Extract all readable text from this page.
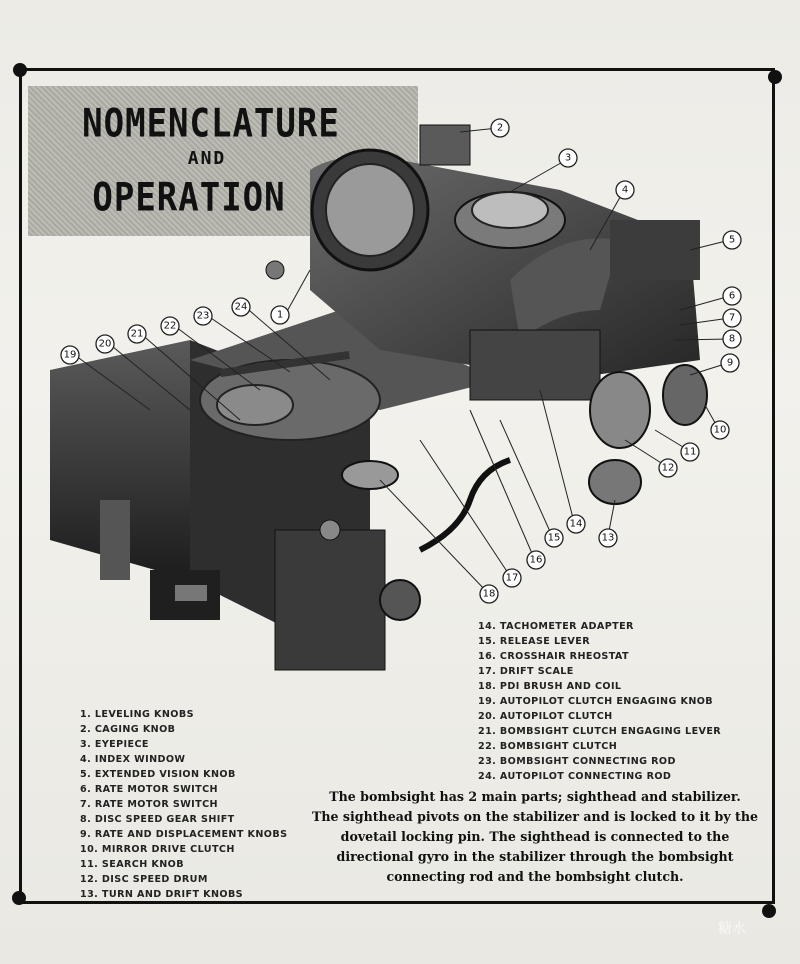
NOMENCLATURE
AND
OPERATION
1
2
3
4
5
6
7
8
9
10
11
12
13
14
15
16
17
18
19
20
21
22
23
24
1. LEVELING KNOBS
2. CAGING KNOB
3. EYEPIECE
4. INDEX WINDOW
5. EXTENDED VISION KNOB
6. RATE MOTOR SWITCH
7. RATE MOTOR SWITCH
8. DISC SPEED GEAR SHIFT
9. RATE AND DISPLACEMENT KNOBS
10. MIRROR DRIVE CLUTCH
11. SEARCH KNOB
12. DISC SPEED DRUM
13. TURN AND DRIFT KNOBS
14. TACHOMETER ADAPTER
15. RELEASE LEVER
16. CROSSHAIR RHEOSTAT
17. DRIFT SCALE
18. PDI BRUSH AND COIL
19. AUTOPILOT CLUTCH ENGAGING KNOB
20. AUTOPILOT CLUTCH
21. BOMBSIGHT CLUTCH ENGAGING LEVER
22. BOMBSIGHT CLUTCH
23. BOMBSIGHT CONNECTING ROD
24. AUTOPILOT CONNECTING ROD
The bombsight has 2 main parts; sighthead and stabilizer.
The sighthead pivots on the stabilizer and is locked to it by the
dovetail locking pin. The sighthead is connected to the
directional gyro in the stabilizer through the bombsight
connecting rod and the bombsight clutch.
糖水
